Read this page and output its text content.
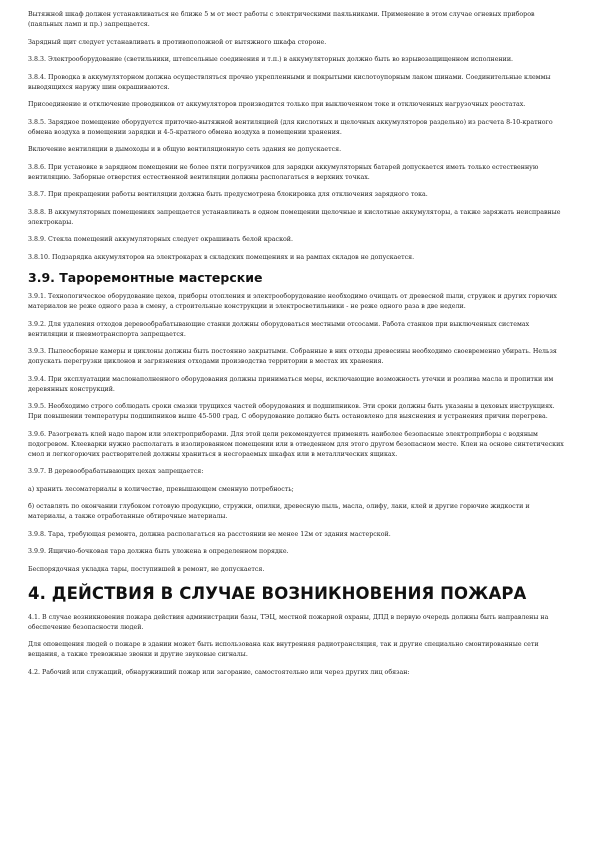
Вытяжной шкаф должен устанавливаться не ближе 5 м от мест работы с электрическими паяльниками. Применение в этом случае огневых приборов (паяльных ламп и пр.) запрещается.

Зарядный щит следует устанавливать в противоположной от вытяжного шкафа стороне.

3.8.3. Электрооборудование (светильники, штепсельные соединения и т.п.) в аккумуляторных должно быть во взрывозащищенном исполнении.

3.8.4. Проводка в аккумуляторном должна осуществляться прочно укрепленными и покрытыми кислотоупорным лаком шинами. Соединительные клеммы выводящихся наружу шин окрашиваются.

Присоединение и отключение проводников от аккумуляторов производится только при выключенном токе и отключенных нагрузочных реостатах.

3.8.5. Зарядное помещение оборудуется приточно-вытяжной вентиляцией (для кислотных и щелочных аккумуляторов раздельно) из расчета 8-10-кратного обмена воздуха в помещении зарядки и 4-5-кратного обмена воздуха в помещении хранения.

Включение вентиляции в дымоходы и в общую вентиляционную сеть здания не допускается.

3.8.6. При установке в зарядном помещении не более пяти погрузчиков для зарядки аккумуляторных батарей допускается иметь только естественную вентиляцию. Заборные отверстия естественной вентиляции должны располагаться в верхних точках.

3.8.7. При прекращении работы вентиляции должна быть предусмотрена блокировка для отключения зарядного тока.

3.8.8. В аккумуляторных помещениях запрещается устанавливать в одном помещении щелочные и кислотные аккумуляторы, а также заряжать неисправные электрокары.

3.8.9. Стекла помещений аккумуляторных следует окрашивать белой краской.

3.8.10. Подзарядка аккумуляторов на электрокарах в складских помещениях и на рампах складов не допускается.

3.9. Тароремонтные мастерские

3.9.1. Технологическое оборудование цехов, приборы отопления и электрооборудование необходимо очищать от древесной пыли, стружек и других горючих материалов не реже одного раза в смену, а строительные конструкции и электросветильники - не реже одного раза в две недели.

3.9.2. Для удаления отходов деревообрабатывающие станки должны оборудоваться местными отсосами. Работа станков при выключенных системах вентиляции и пневмотранспорта запрещается.

3.9.3. Пылеосборные камеры и циклоны должны быть постоянно закрытыми. Собранные в них отходы древесины необходимо своевременно убирать. Нельзя допускать перегрузки циклонов и загрязнения отходами производства территории в местах их хранения.

3.9.4. При эксплуатации маслонаполненного оборудования должны приниматься меры, исключающие возможность утечки и розлива масла и пропитки им деревянных конструкций.

3.9.5. Необходимо строго соблюдать сроки смазки трущихся частей оборудования и подшипников. Эти сроки должны быть указаны в цеховых инструкциях. При повышении температуры подшипников выше 45-500 град. С оборудование должно быть остановлено для выяснения и устранения причин перегрева.

3.9.6. Разогревать клей надо паром или электроприборами. Для этой цели рекомендуется применять наиболее безопасные электроприборы с водяным подогревом. Клееварки нужно располагать в изолированном помещении или в отведенном для этого другом безопасном месте. Клеи на основе синтетических смол и легкогорючих растворителей должны храниться в несгораемых шкафах или в металлических ящиках.

3.9.7. В деревообрабатывающих цехах запрещается:

а) хранить лесоматериалы в количестве, превышающем сменную потребность;

б) оставлять по окончании глубоком готовую продукцию, стружки, опилки, древесную пыль, масла, олифу, лаки, клей и другие горючие жидкости и материалы, а также отработанные обтирочные материалы.

3.9.8. Тара, требующая ремонта, должна располагаться на расстоянии не менее 12м от здания мастерской.

3.9.9. Ящично-бочковая тара должна быть уложена в определенном порядке.

Беспорядочная укладка тары, поступившей в ремонт, не допускается.

4. ДЕЙСТВИЯ В СЛУЧАЕ ВОЗНИКНОВЕНИЯ ПОЖАРА

4.1. В случае возникновения пожара действия администрации базы, ТЭЦ, местной пожарной охраны, ДПД в первую очередь должны быть направлены на обеспечение безопасности людей.

Для оповещения людей о пожаре в здании может быть использована как внутренняя радиотрансляция, так и другие специально смонтированные сети вещания, а также тревожные звонки и другие звуковые сигналы.

4.2. Рабочий или служащий, обнаруживший пожар или загорание, самостоятельно или через других лиц обязан:
